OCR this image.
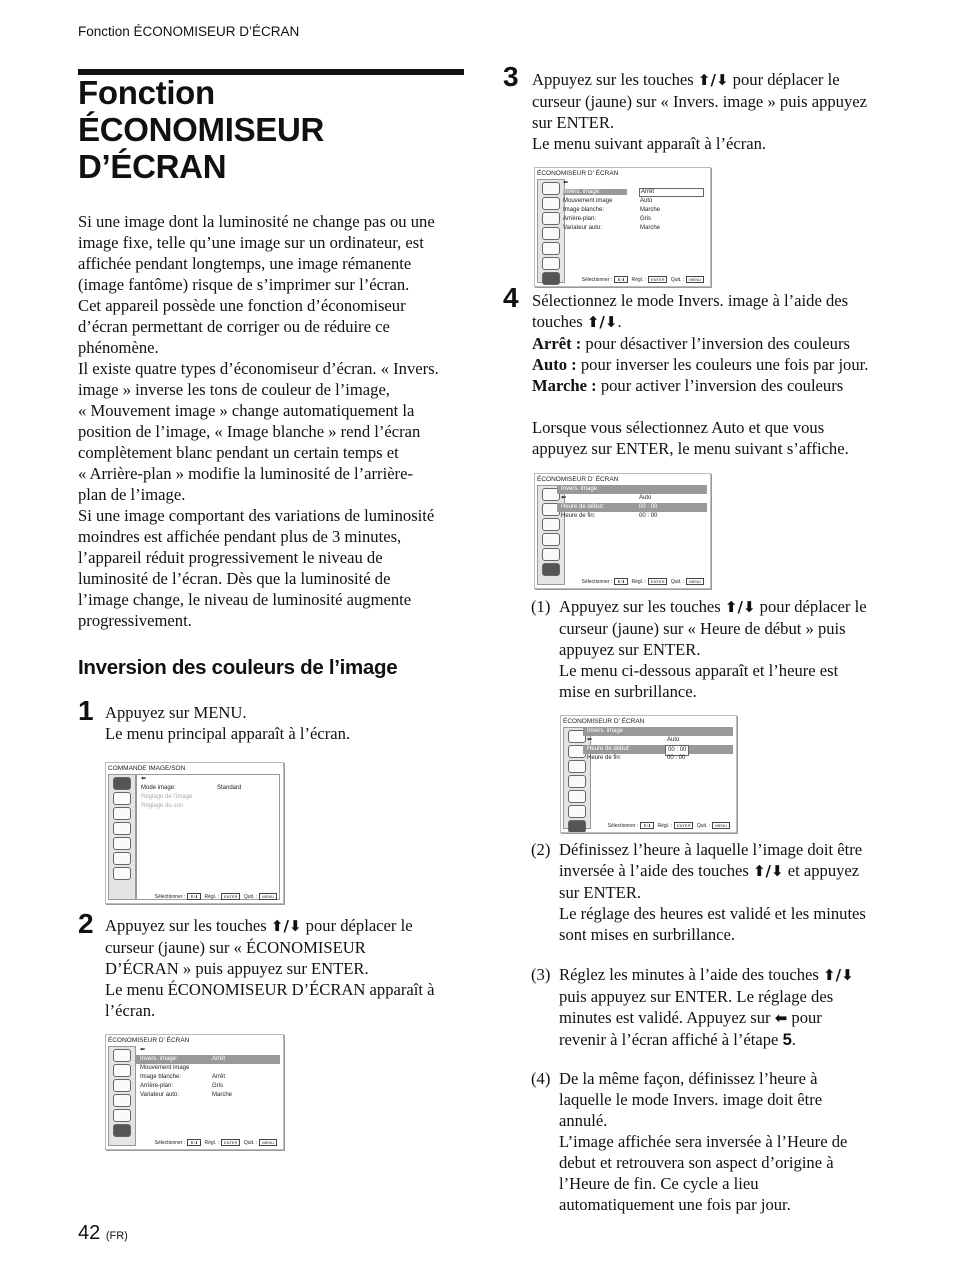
Fonction ÉCONOMISEUR D’ÉCRAN
Fonction
ÉCONOMISEUR
D’ÉCRAN
Si une image dont la luminosité ne change pas ou une
image fixe, telle qu’une image sur un ordinateur, est
affichée pendant longtemps, une image rémanente
(image fantôme) risque de s’imprimer sur l’écran.
Cet appareil possède une fonction d’économiseur
d’écran permettant de corriger ou de réduire ce
phénomène.
Il existe quatre types d’économiseur d’écran. « Invers.
image » inverse les tons de couleur de l’image,
« Mouvement image » change automatiquement la
position de l’image, « Image blanche » rend l’écran
complètement blanc pendant un certain temps et
« Arrière-plan » modifie la luminosité de l’arrière-
plan de l’image.
Si une image comportant des variations de luminosité
moindres est affichée pendant plus de 3 minutes,
l’appareil réduit progressivement le niveau de
luminosité de l’écran. Dès que la luminosité de
l’image change, le niveau de luminosité augmente
progressivement.
Inversion des couleurs de l’image
1 Appuyez sur MENU.
Le menu principal apparaît à l’écran.
COMMANDE IMAGE/SON
⬅
Mode image:	Standard
Réglage de l’image
Réglage du son
Sélectionner : ⬆/⬇ Régl. : ENTER Quit. : MENU
2 Appuyez sur les touches ⬆/⬇ pour déplacer le
curseur (jaune) sur « ÉCONOMISEUR
D’ÉCRAN » puis appuyez sur ENTER.
Le menu ÉCONOMISEUR D’ÉCRAN apparaît à
l’écran.
ÉCONOMISEUR D’ ÉCRAN
⬅
Invers. image:	Arrêt
Mouvement image
Image blanche:	Arrêt
Arrière-plan:	Gris
Variateur auto:	Marche
Sélectionner : ⬆/⬇ Régl. : ENTER Quit. : MENU
3 Appuyez sur les touches ⬆/⬇ pour déplacer le
curseur (jaune) sur « Invers. image » puis appuyez
sur ENTER.
Le menu suivant apparaît à l’écran.
ÉCONOMISEUR D’ ÉCRAN
⬅
Invers. image:	Arrêt
Mouvement image	Auto
Image blanche:	Marche
Arrière-plan:	Gris
Variateur auto:	Marche
Sélectionner : ⬆/⬇ Régl. : ENTER Quit. : MENU
4 Sélectionnez le mode Invers. image à l’aide des
touches ⬆/⬇.
Arrêt : pour désactiver l’inversion des couleurs
Auto : pour inverser les couleurs une fois par jour.
Marche : pour activer l’inversion des couleurs
Lorsque vous sélectionnez Auto et que vous
appuyez sur ENTER, le menu suivant s’affiche.
ÉCONOMISEUR D’ ÉCRAN
Invers. image
⬅	Auto
Heure de début:	00 : 00
Heure de fin:	00 : 00
Sélectionner : ⬆/⬇ Régl. : ENTER Quit. : MENU
(1) Appuyez sur les touches ⬆/⬇ pour déplacer le
curseur (jaune) sur « Heure de début » puis
appuyez sur ENTER.
Le menu ci-dessous apparaît et l’heure est
mise en surbrillance.
ÉCONOMISEUR D’ ÉCRAN
Invers. image
⬅	Auto
Heure de début:	00 : 00
Heure de fin:	00 : 00
Sélectionner : ⬆/⬇ Régl. : ENTER Quit. : MENU
(2) Définissez l’heure à laquelle l’image doit être
inversée à l’aide des touches ⬆/⬇ et appuyez
sur ENTER.
Le réglage des heures est validé et les minutes
sont mises en surbrillance.
(3) Réglez les minutes à l’aide des touches ⬆/⬇
puis appuyez sur ENTER. Le réglage des
minutes est validé. Appuyez sur ⬅ pour
revenir à l’écran affiché à l’étape 5.
(4) De la même façon, définissez l’heure à
laquelle le mode Invers. image doit être
annulé.
L’image affichée sera inversée à l’Heure de
debut et retrouvera son aspect d’origine à
l’Heure de fin. Ce cycle a lieu
automatiquement une fois par jour.
42 (FR)
